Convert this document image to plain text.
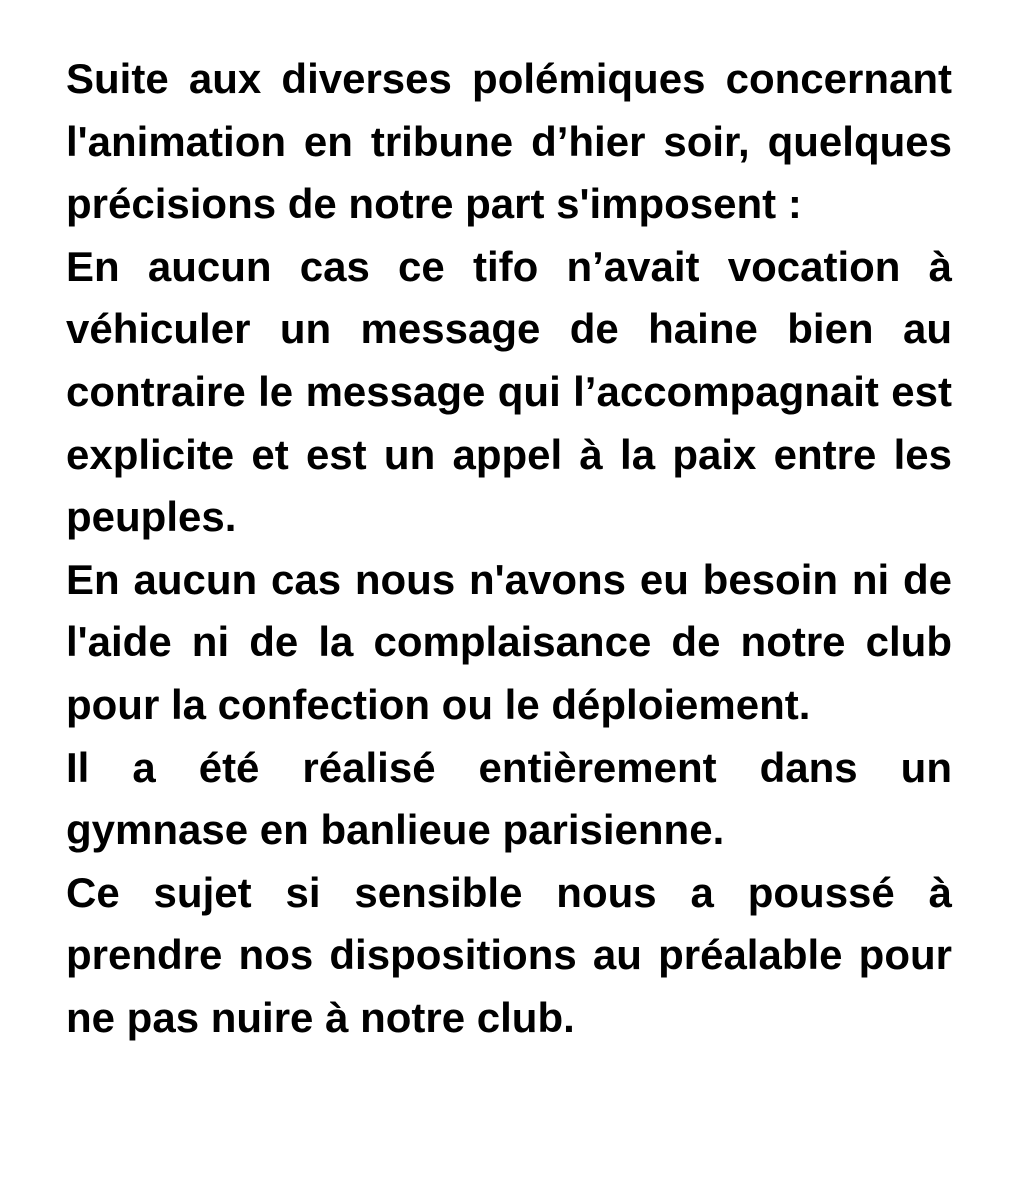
Suite aux diverses polémiques concernant l'animation en tribune d’hier soir, quelques précisions de notre part s'imposent :

En aucun cas ce tifo n’avait vocation à véhiculer un message de haine bien au contraire le message qui l’accompagnait est explicite et est un appel à la paix entre les peuples.

En aucun cas nous n'avons eu besoin ni de l'aide ni de la complaisance de notre club pour la confection ou le déploiement.

Il a été réalisé entièrement dans un gymnase en banlieue parisienne.

Ce sujet si sensible nous a poussé à prendre nos dispositions au préalable pour ne pas nuire à notre club.
